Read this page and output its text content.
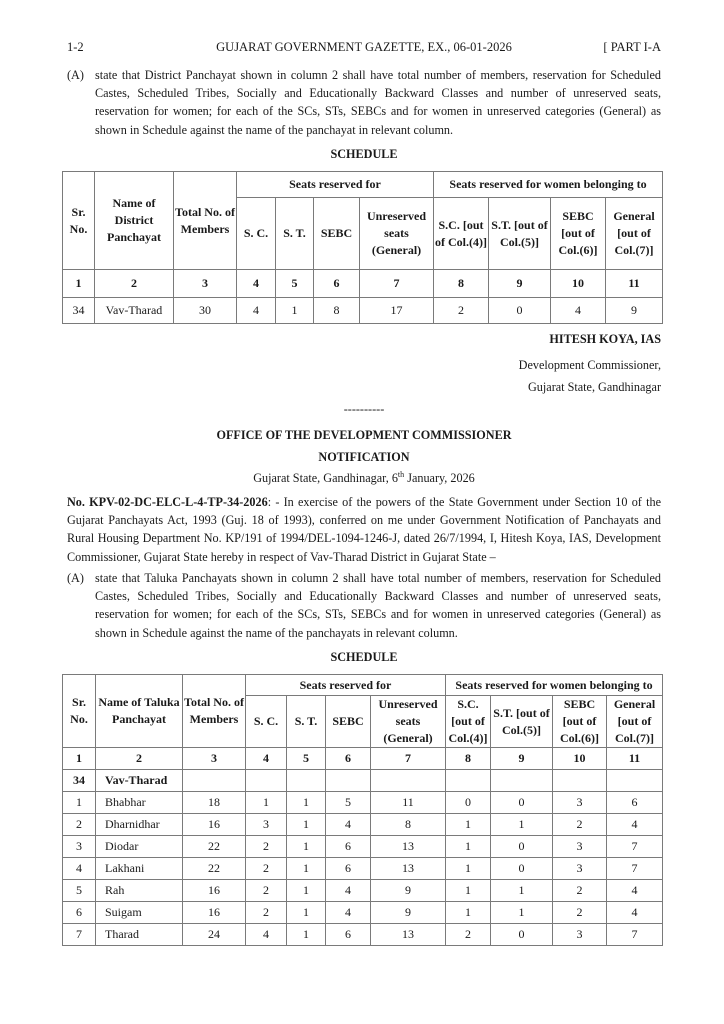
1-2	GUJARAT GOVERNMENT GAZETTE, EX., 06-01-2026	[ PART I-A
(A) state that District Panchayat shown in column 2 shall have total number of members, reservation for Scheduled Castes, Scheduled Tribes, Socially and Educationally Backward Classes and number of unreserved seats, reservation for women; for each of the SCs, STs, SEBCs and for women in unreserved categories (General) as shown in Schedule against the name of the panchayat in relevant column.
SCHEDULE
Sr. No.	Name of District Panchayat	Total No. of Members	Seats reserved for				Seats reserved for women belonging to			
			S. C.	S. T.	SEBC	Unreserved seats (General)	S.C. [out of Col.(4)]	S.T. [out of Col.(5)]	SEBC [out of Col.(6)]	General [out of Col.(7)]
1	2	3	4	5	6	7	8	9	10	11
34	Vav-Tharad	30	4	1	8	17	2	0	4	9
HITESH KOYA, IAS
Development Commissioner,
Gujarat State, Gandhinagar
----------
OFFICE OF THE DEVELOPMENT COMMISSIONER
NOTIFICATION
Gujarat State, Gandhinagar, 6th January, 2026
No. KPV-02-DC-ELC-L-4-TP-34-2026: - In exercise of the powers of the State Government under Section 10 of the Gujarat Panchayats Act, 1993 (Guj. 18 of 1993), conferred on me under Government Notification of Panchayats and Rural Housing Department No. KP/191 of 1994/DEL-1094-1246-J, dated 26/7/1994, I, Hitesh Koya, IAS, Development Commissioner, Gujarat State hereby in respect of Vav-Tharad District in Gujarat State –
(A) state that Taluka Panchayats shown in column 2 shall have total number of members, reservation for Scheduled Castes, Scheduled Tribes, Socially and Educationally Backward Classes and number of unreserved seats, reservation for women; for each of the SCs, STs, SEBCs and for women in unreserved categories (General) as shown in Schedule against the name of the panchayats in relevant column.
SCHEDULE
Sr. No.	Name of Taluka Panchayat	Total No. of Members	Seats reserved for				Seats reserved for women belonging to			
			S. C.	S. T.	SEBC	Unreserved seats (General)	S.C. [out of Col.(4)]	S.T. [out of Col.(5)]	SEBC [out of Col.(6)]	General [out of Col.(7)]
1	2	3	4	5	6	7	8	9	10	11
34	Vav-Tharad									
1	Bhabhar	18	1	1	5	11	0	0	3	6
2	Dharnidhar	16	3	1	4	8	1	1	2	4
3	Diodar	22	2	1	6	13	1	0	3	7
4	Lakhani	22	2	1	6	13	1	0	3	7
5	Rah	16	2	1	4	9	1	1	2	4
6	Suigam	16	2	1	4	9	1	1	2	4
7	Tharad	24	4	1	6	13	2	0	3	7
